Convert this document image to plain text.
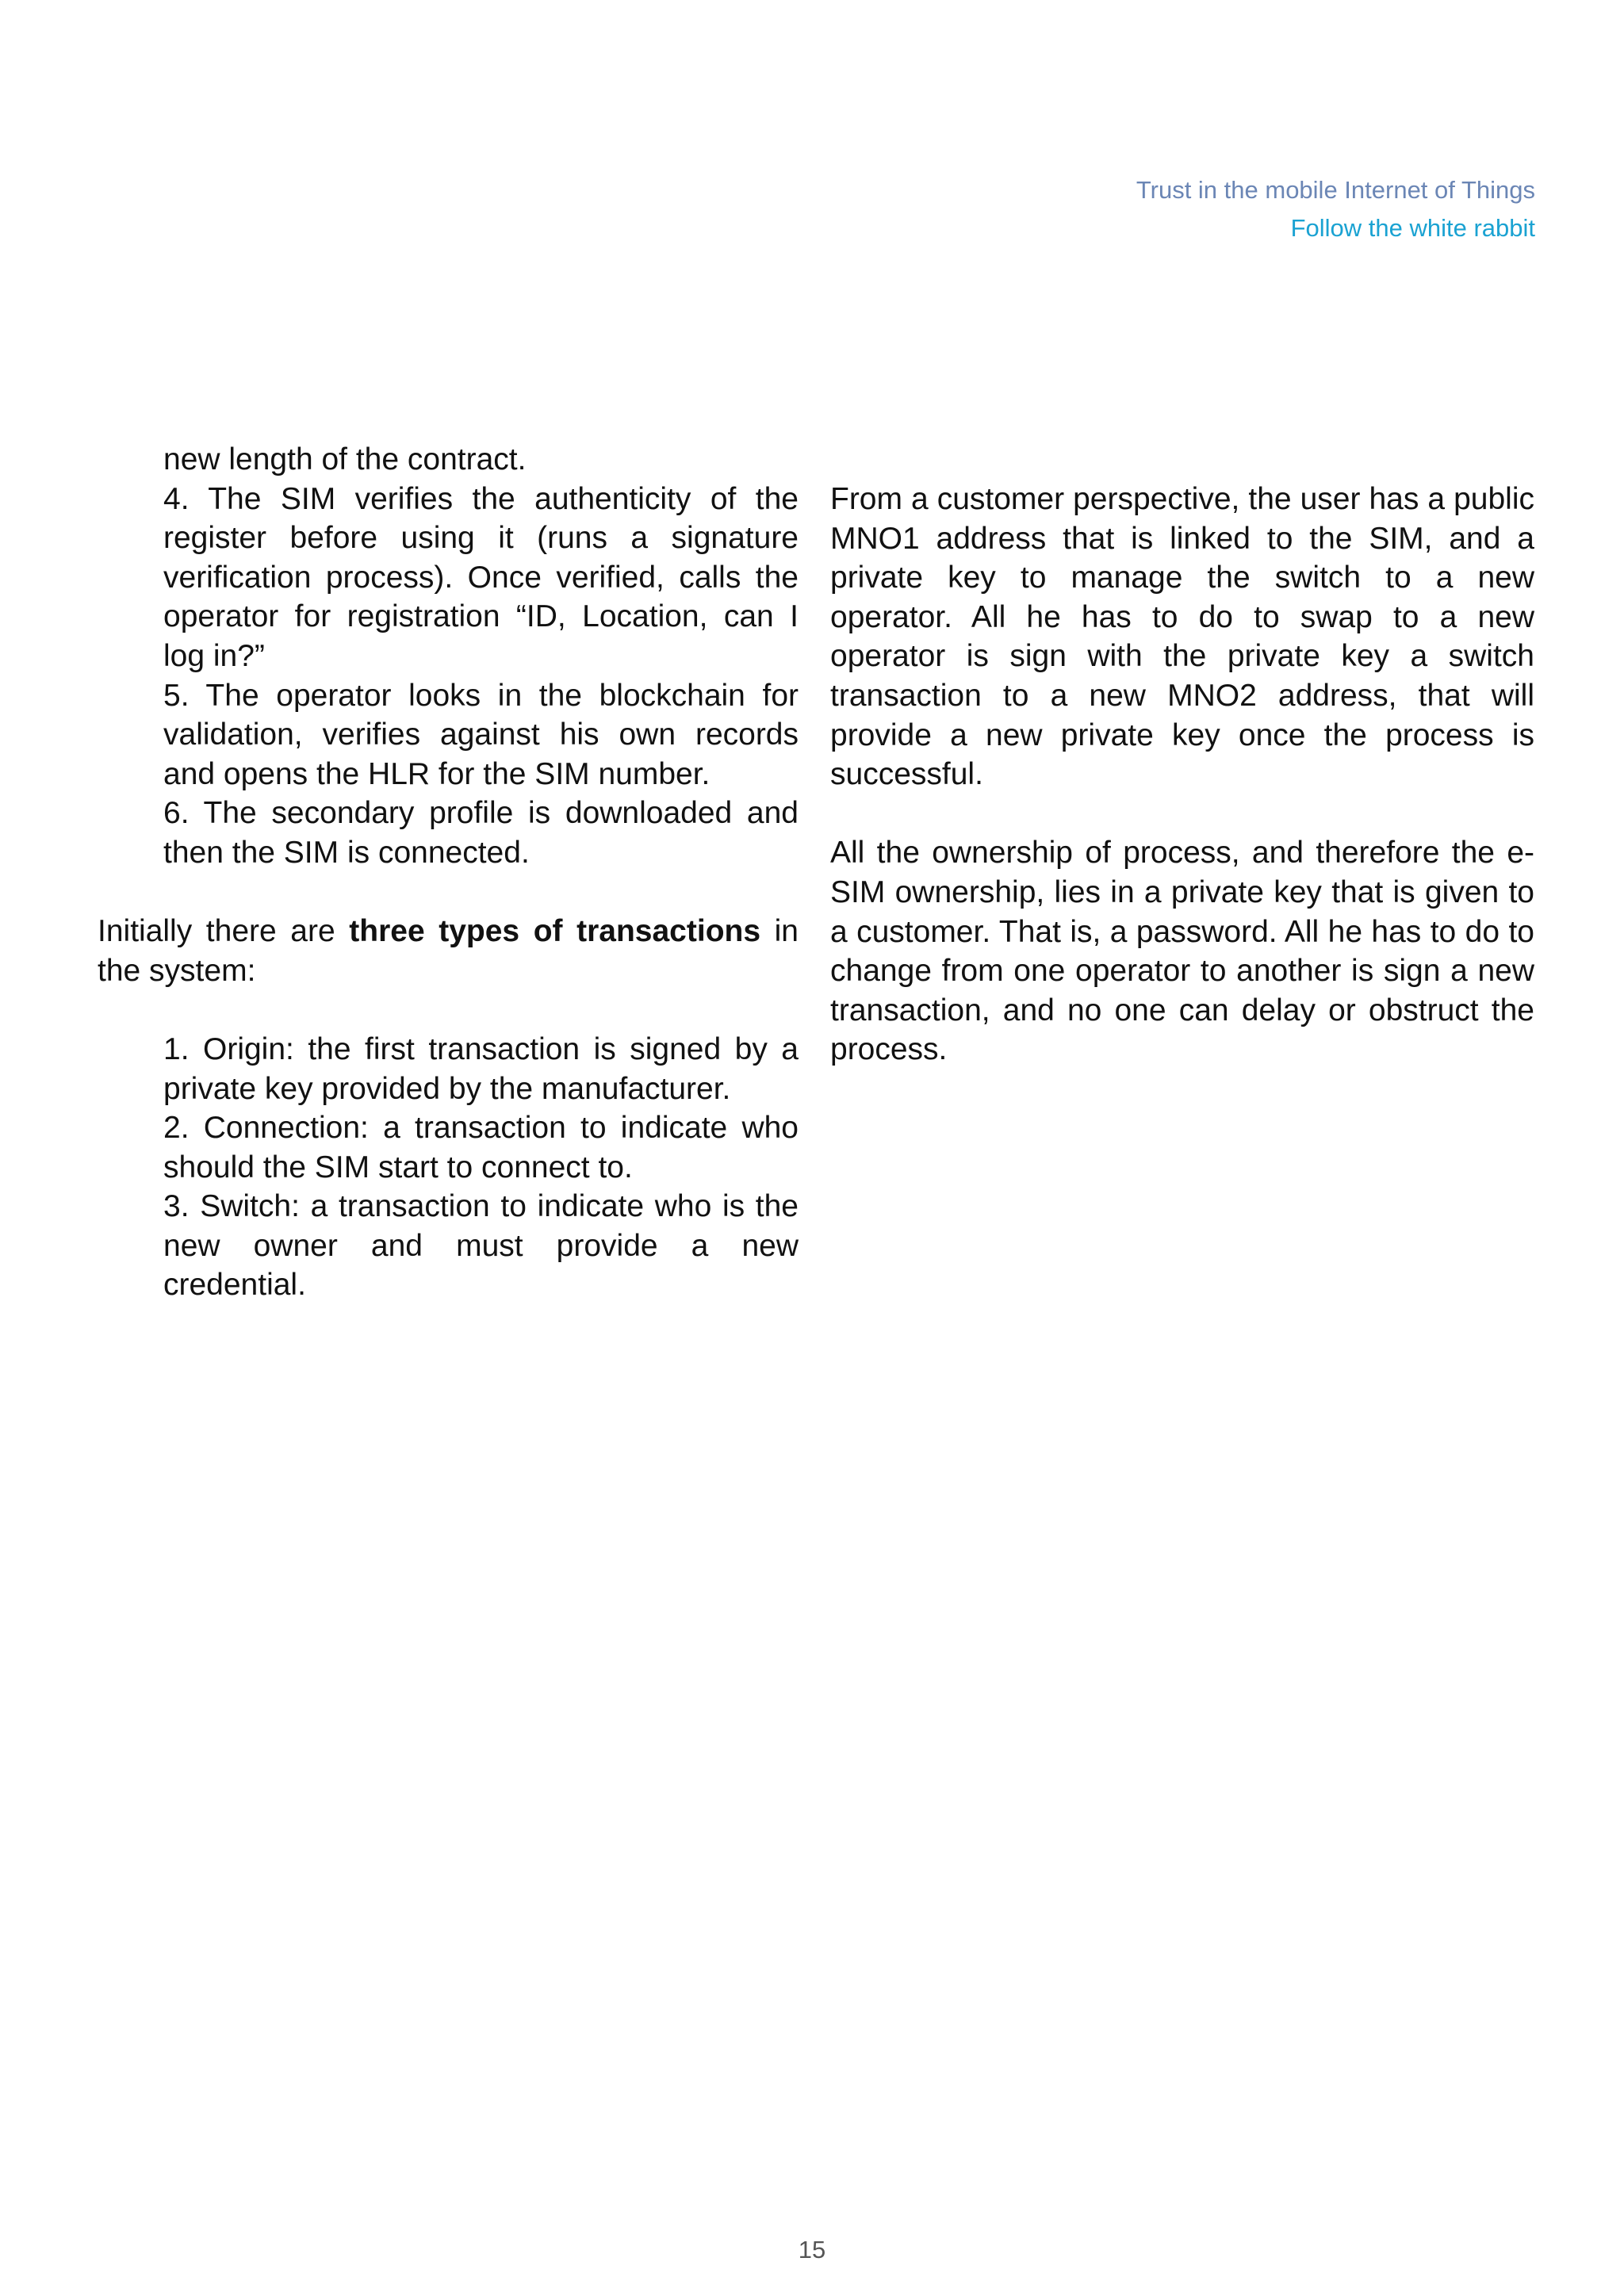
Trust in the mobile Internet of Things
Follow the white rabbit

new length of the contract.

4. The SIM verifies the authenticity of the register before using it (runs a signature verification process). Once verified, calls the operator for registration “ID, Location, can I log in?”

5. The operator looks in the blockchain for validation, verifies against his own records and opens the HLR for the SIM number.

6. The secondary profile is downloaded and then the SIM is connected.

Initially there are three types of transactions in the system:

1. Origin: the first transaction is signed by a private key provided by the manufacturer.

2. Connection: a transaction to indicate who should the SIM start to connect to.

3. Switch: a transaction to indicate who is the new owner and must provide a new credential.

From a customer perspective, the user has a public MNO1 address that is linked to the SIM, and a private key to manage the switch to a new operator. All he has to do to swap to a new operator is sign with the private key a switch transaction to a new MNO2 address, that will provide a new private key once the process is successful.

All the ownership of process, and therefore the e-SIM ownership, lies in a private key that is given to a customer. That is, a password. All he has to do to change from one operator to another is sign a new transaction, and no one can delay or obstruct the process.

15
